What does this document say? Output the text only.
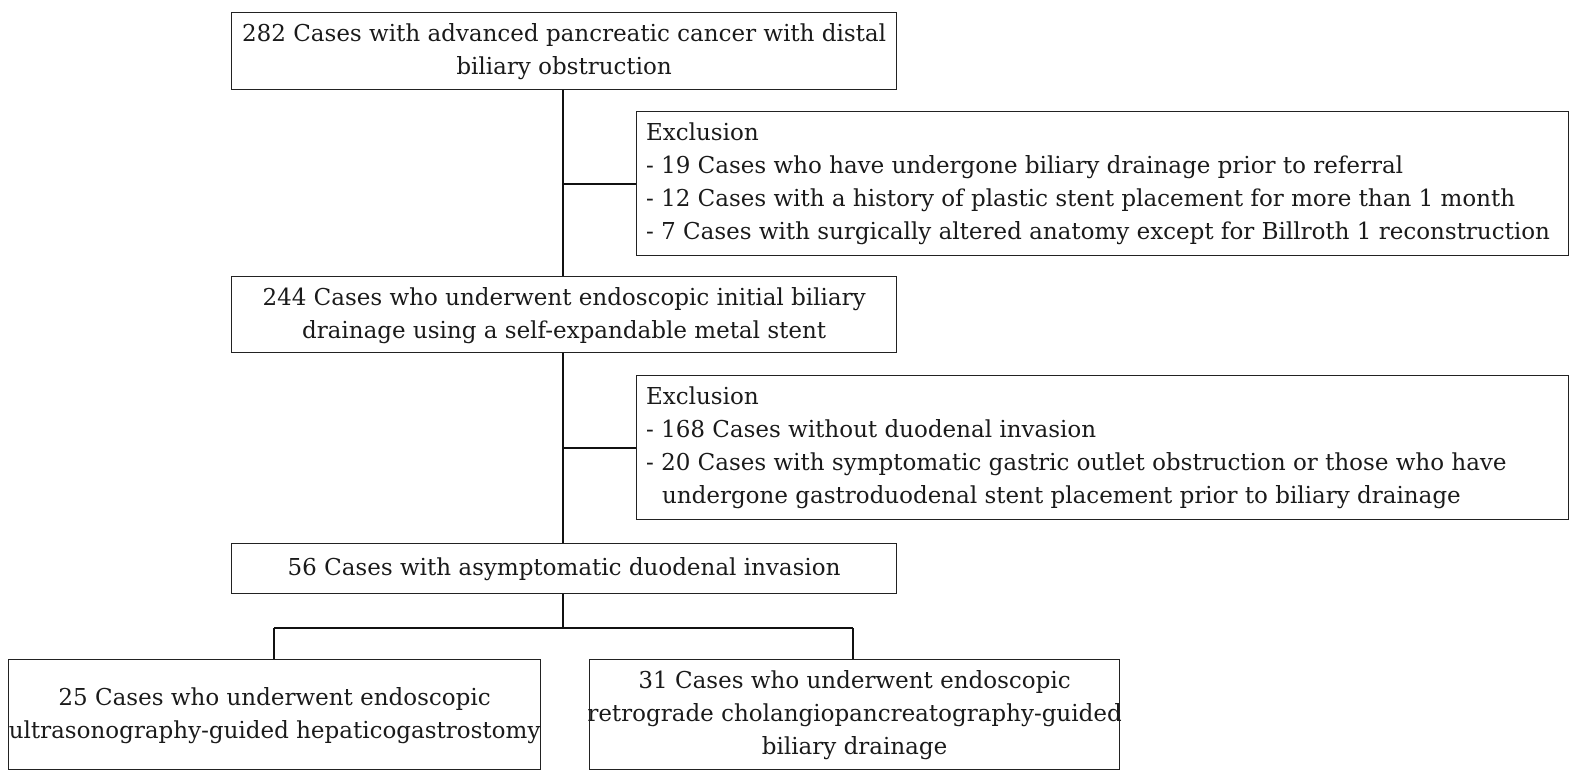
282 Cases with advanced pancreatic cancer with distal
biliary obstruction
Exclusion
- 19 Cases who have undergone biliary drainage prior to referral
- 12 Cases with a history of plastic stent placement for more than 1 month
- 7 Cases with surgically altered anatomy except for Billroth 1 reconstruction
244 Cases who underwent endoscopic initial biliary
drainage using a self-expandable metal stent
Exclusion
- 168 Cases without duodenal invasion
- 20 Cases with symptomatic gastric outlet obstruction or those who have
undergone gastroduodenal stent placement prior to biliary drainage
56 Cases with asymptomatic duodenal invasion
25 Cases who underwent endoscopic
ultrasonography-guided hepaticogastrostomy
31 Cases who underwent endoscopic
retrograde cholangiopancreatography-guided
biliary drainage
